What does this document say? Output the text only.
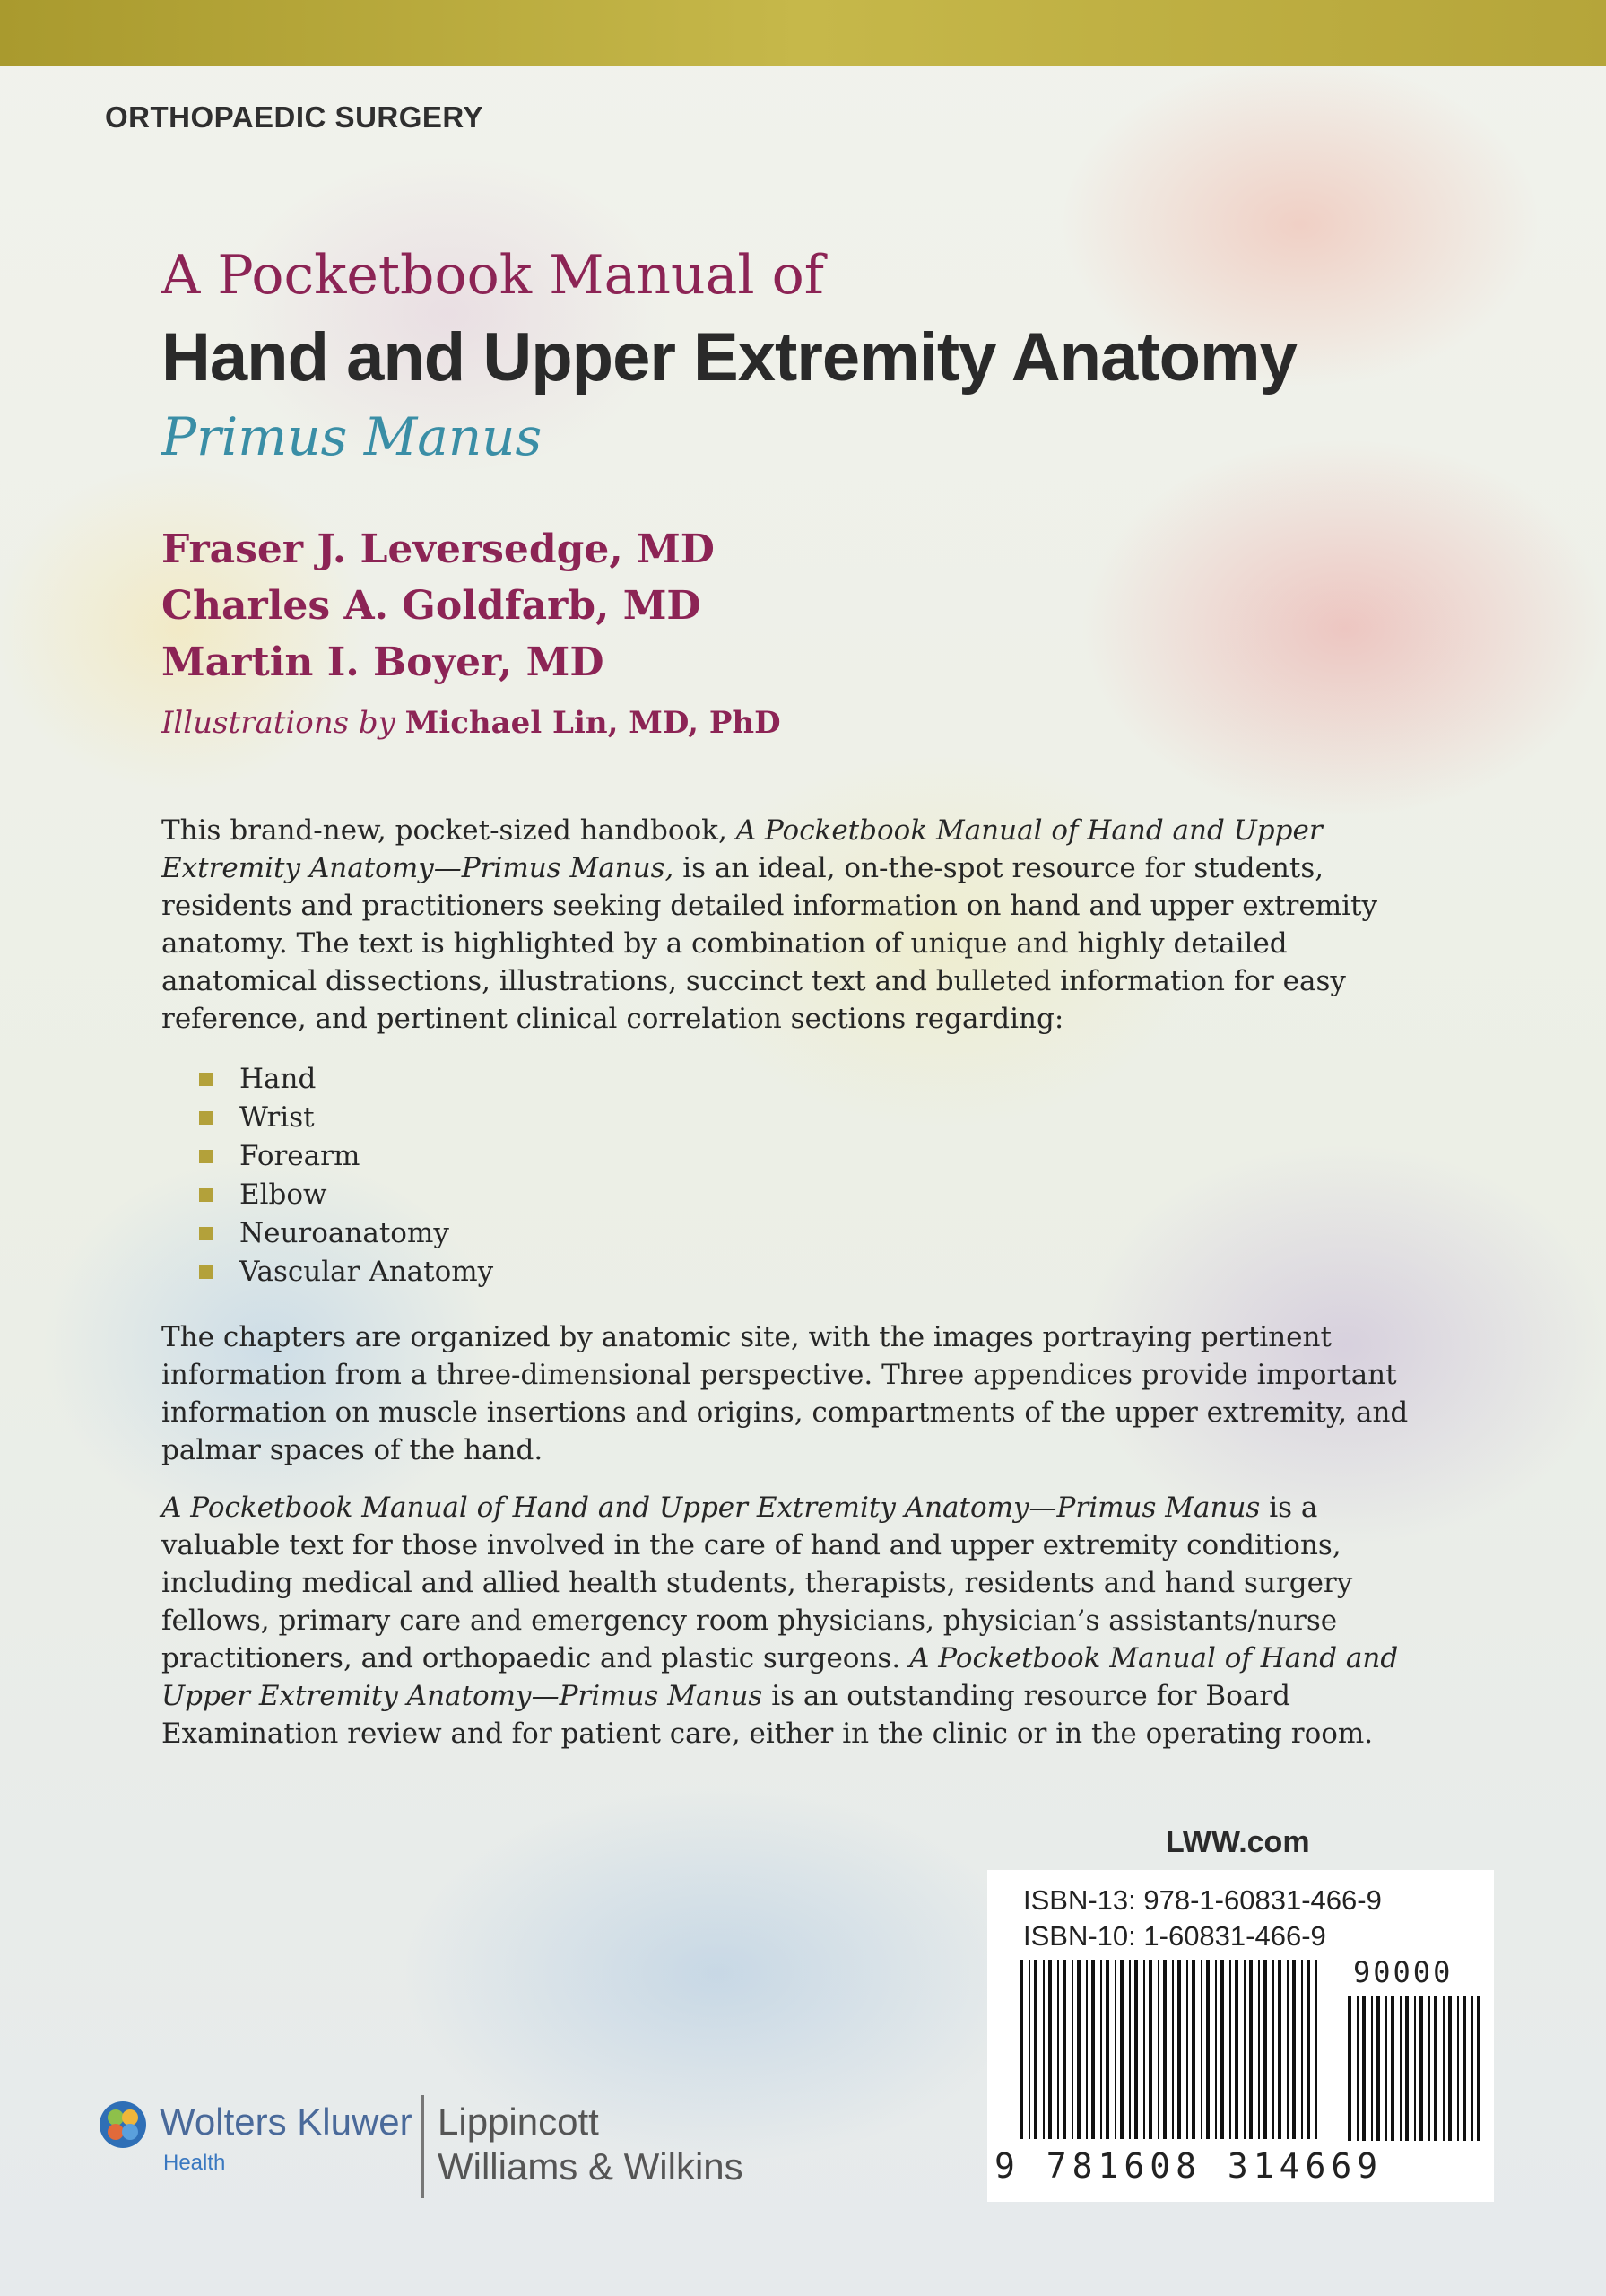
ORTHOPAEDIC SURGERY
A Pocketbook Manual of
Hand and Upper Extremity Anatomy
Primus Manus
Fraser J. Leversedge, MD
Charles A. Goldfarb, MD
Martin I. Boyer, MD
Illustrations by Michael Lin, MD, PhD
This brand-new, pocket-sized handbook, A Pocketbook Manual of Hand and Upper Extremity Anatomy—Primus Manus, is an ideal, on-the-spot resource for students, residents and practitioners seeking detailed information on hand and upper extremity anatomy. The text is highlighted by a combination of unique and highly detailed anatomical dissections, illustrations, succinct text and bulleted information for easy reference, and pertinent clinical correlation sections regarding:
Hand
Wrist
Forearm
Elbow
Neuroanatomy
Vascular Anatomy
The chapters are organized by anatomic site, with the images portraying pertinent information from a three-dimensional perspective. Three appendices provide important information on muscle insertions and origins, compartments of the upper extremity, and palmar spaces of the hand.
A Pocketbook Manual of Hand and Upper Extremity Anatomy—Primus Manus is a valuable text for those involved in the care of hand and upper extremity conditions, including medical and allied health students, therapists, residents and hand surgery fellows, primary care and emergency room physicians, physician’s assistants/nurse practitioners, and orthopaedic and plastic surgeons. A Pocketbook Manual of Hand and Upper Extremity Anatomy—Primus Manus is an outstanding resource for Board Examination review and for patient care, either in the clinic or in the operating room.
LWW.com
ISBN-13: 978-1-60831-466-9
ISBN-10: 1-60831-466-9
90000
9 781608 314669
Wolters Kluwer
Health
Lippincott
Williams & Wilkins
